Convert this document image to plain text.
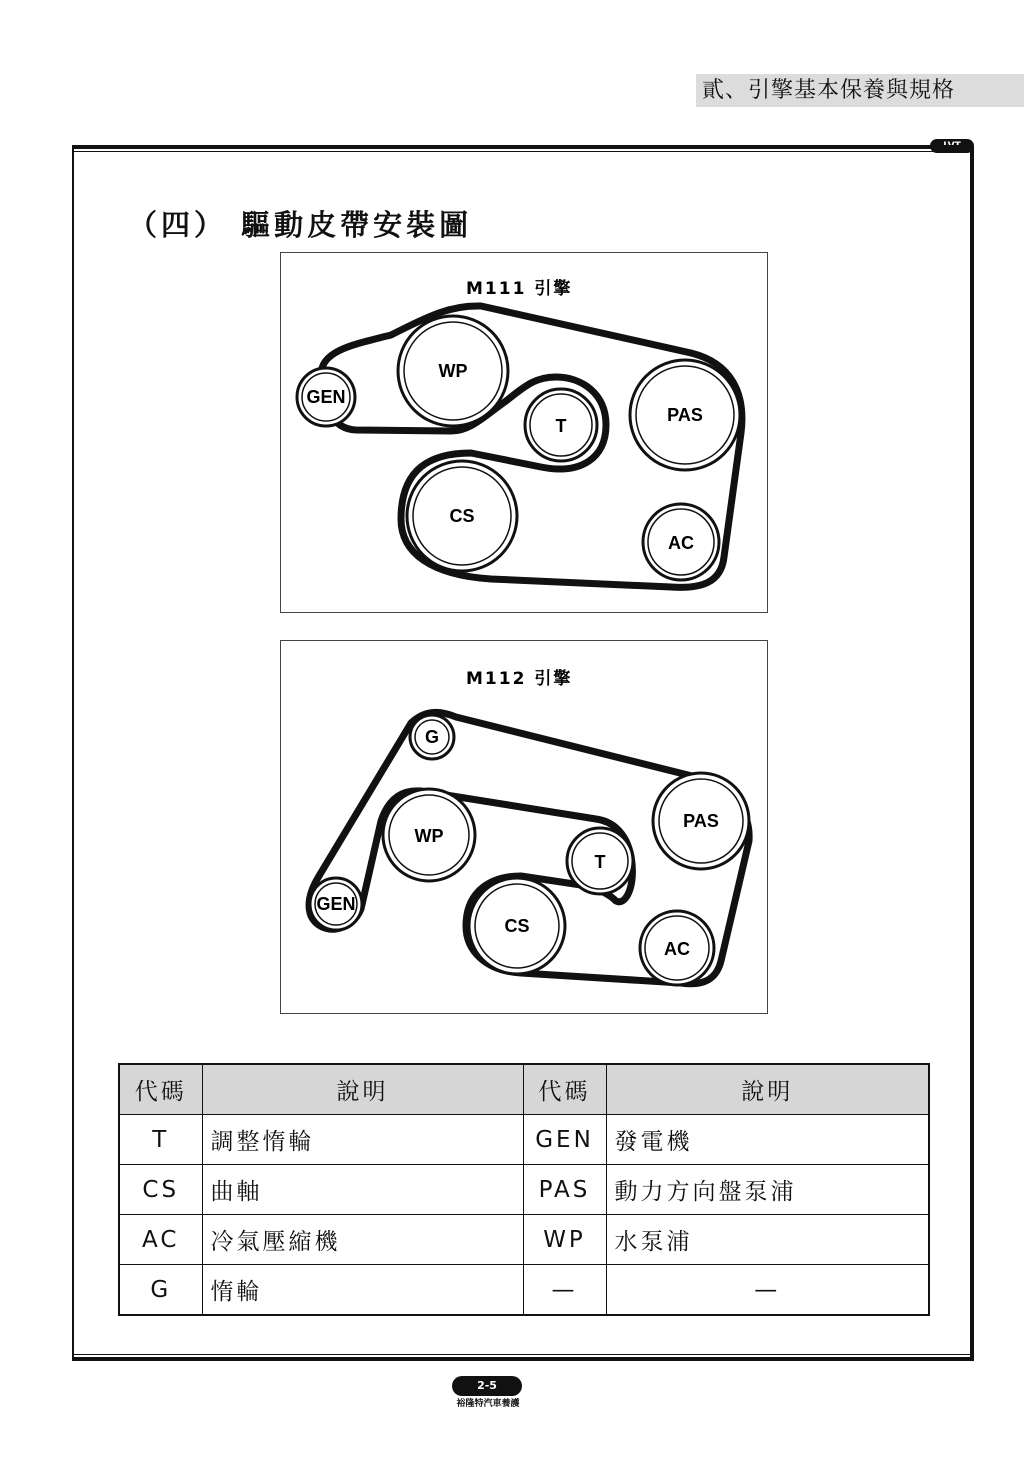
貳、引擎基本保養與規格
（四） 驅動皮帶安裝圖
M111 引擎
GEN
WP
T
PAS
CS
AC
M112 引擎
G
WP
T
PAS
GEN
CS
AC
代碼	說明	代碼	說明
T	調整惰輪	GEN	發電機
CS	曲軸	PAS	動力方向盤泵浦
AC	冷氣壓縮機	WP	水泵浦
G	惰輪	—	—
2-5
裕隆特汽車養護
